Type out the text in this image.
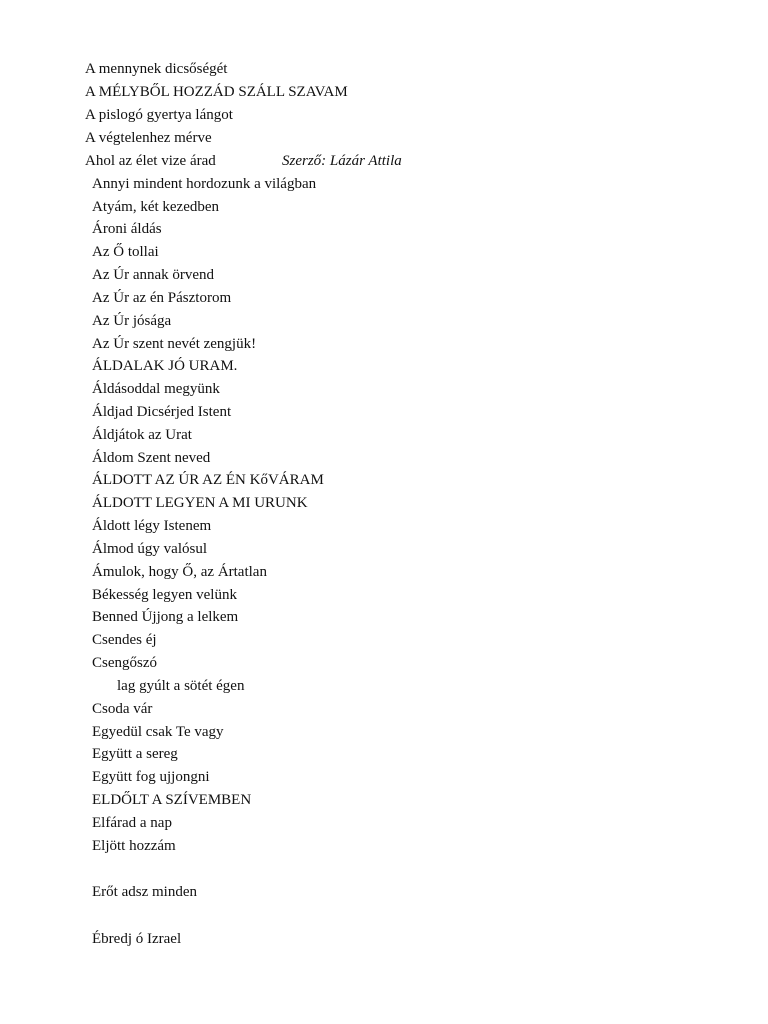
A mennynek dicsőségét
A MÉLYBŐL HOZZÁD SZÁLL SZAVAM
A pislogó gyertya lángot
A végtelenhez mérve
Ahol az élet vize árad	Szerző: Lázár Attila
Annyi mindent hordozunk a világban
Atyám, két kezedben
Ároni áldás
Az Ő tollai
Az Úr annak örvend
Az Úr az én Pásztorom
Az Úr jósága
Az Úr szent nevét zengjük!
ÁLDALAK JÓ URAM.
Áldásoddal megyünk
Áldjad Dicsérjed Istent
Áldjátok az Urat
Áldom Szent neved
ÁLDOTT AZ ÚR AZ ÉN KőVÁRAM
ÁLDOTT LEGYEN A MI URUNK
Áldott légy Istenem
Álmod úgy valósul
Ámulok, hogy Ő, az Ártatlan
Békesség legyen velünk
Benned Újjong a lelkem
Csendes éj
Csengőszó
lag gyúlt a sötét égen
Csoda vár
Egyedül csak Te vagy
Együtt a sereg
Együtt fog ujjongni
ELDŐLT A SZÍVEMBEN
Elfárad a nap
Eljött hozzám
Erőt adsz minden
Ébredj ó Izrael
